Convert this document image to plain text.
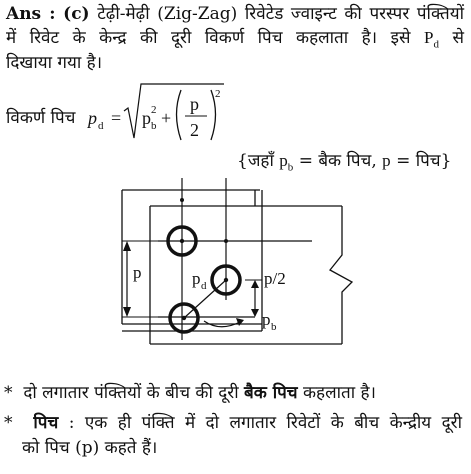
Ans : (c) टेढ़ी-मेढ़ी (Zig-Zag) रिवेटेड ज्वाइन्ट की परस्पर पंक्तियों
में रिवेट के केन्द्र की दूरी विकर्ण पिच कहलाता है। इसे $P_d$ से
दिखाया गया है।
विकर्ण पिच p d = p 2
b +
p
2
2
{जहाँ $p_b$ = बैक पिच, p = पिच}
p	p d	p/2
p b
* दो लगातार पंक्तियों के बीच की दूरी बैक पिच कहलाता है।
* पिच : एक ही पंक्ति में दो लगातार रिवेटों के बीच केन्द्रीय दूरी
को पिच (p) कहते हैं।
